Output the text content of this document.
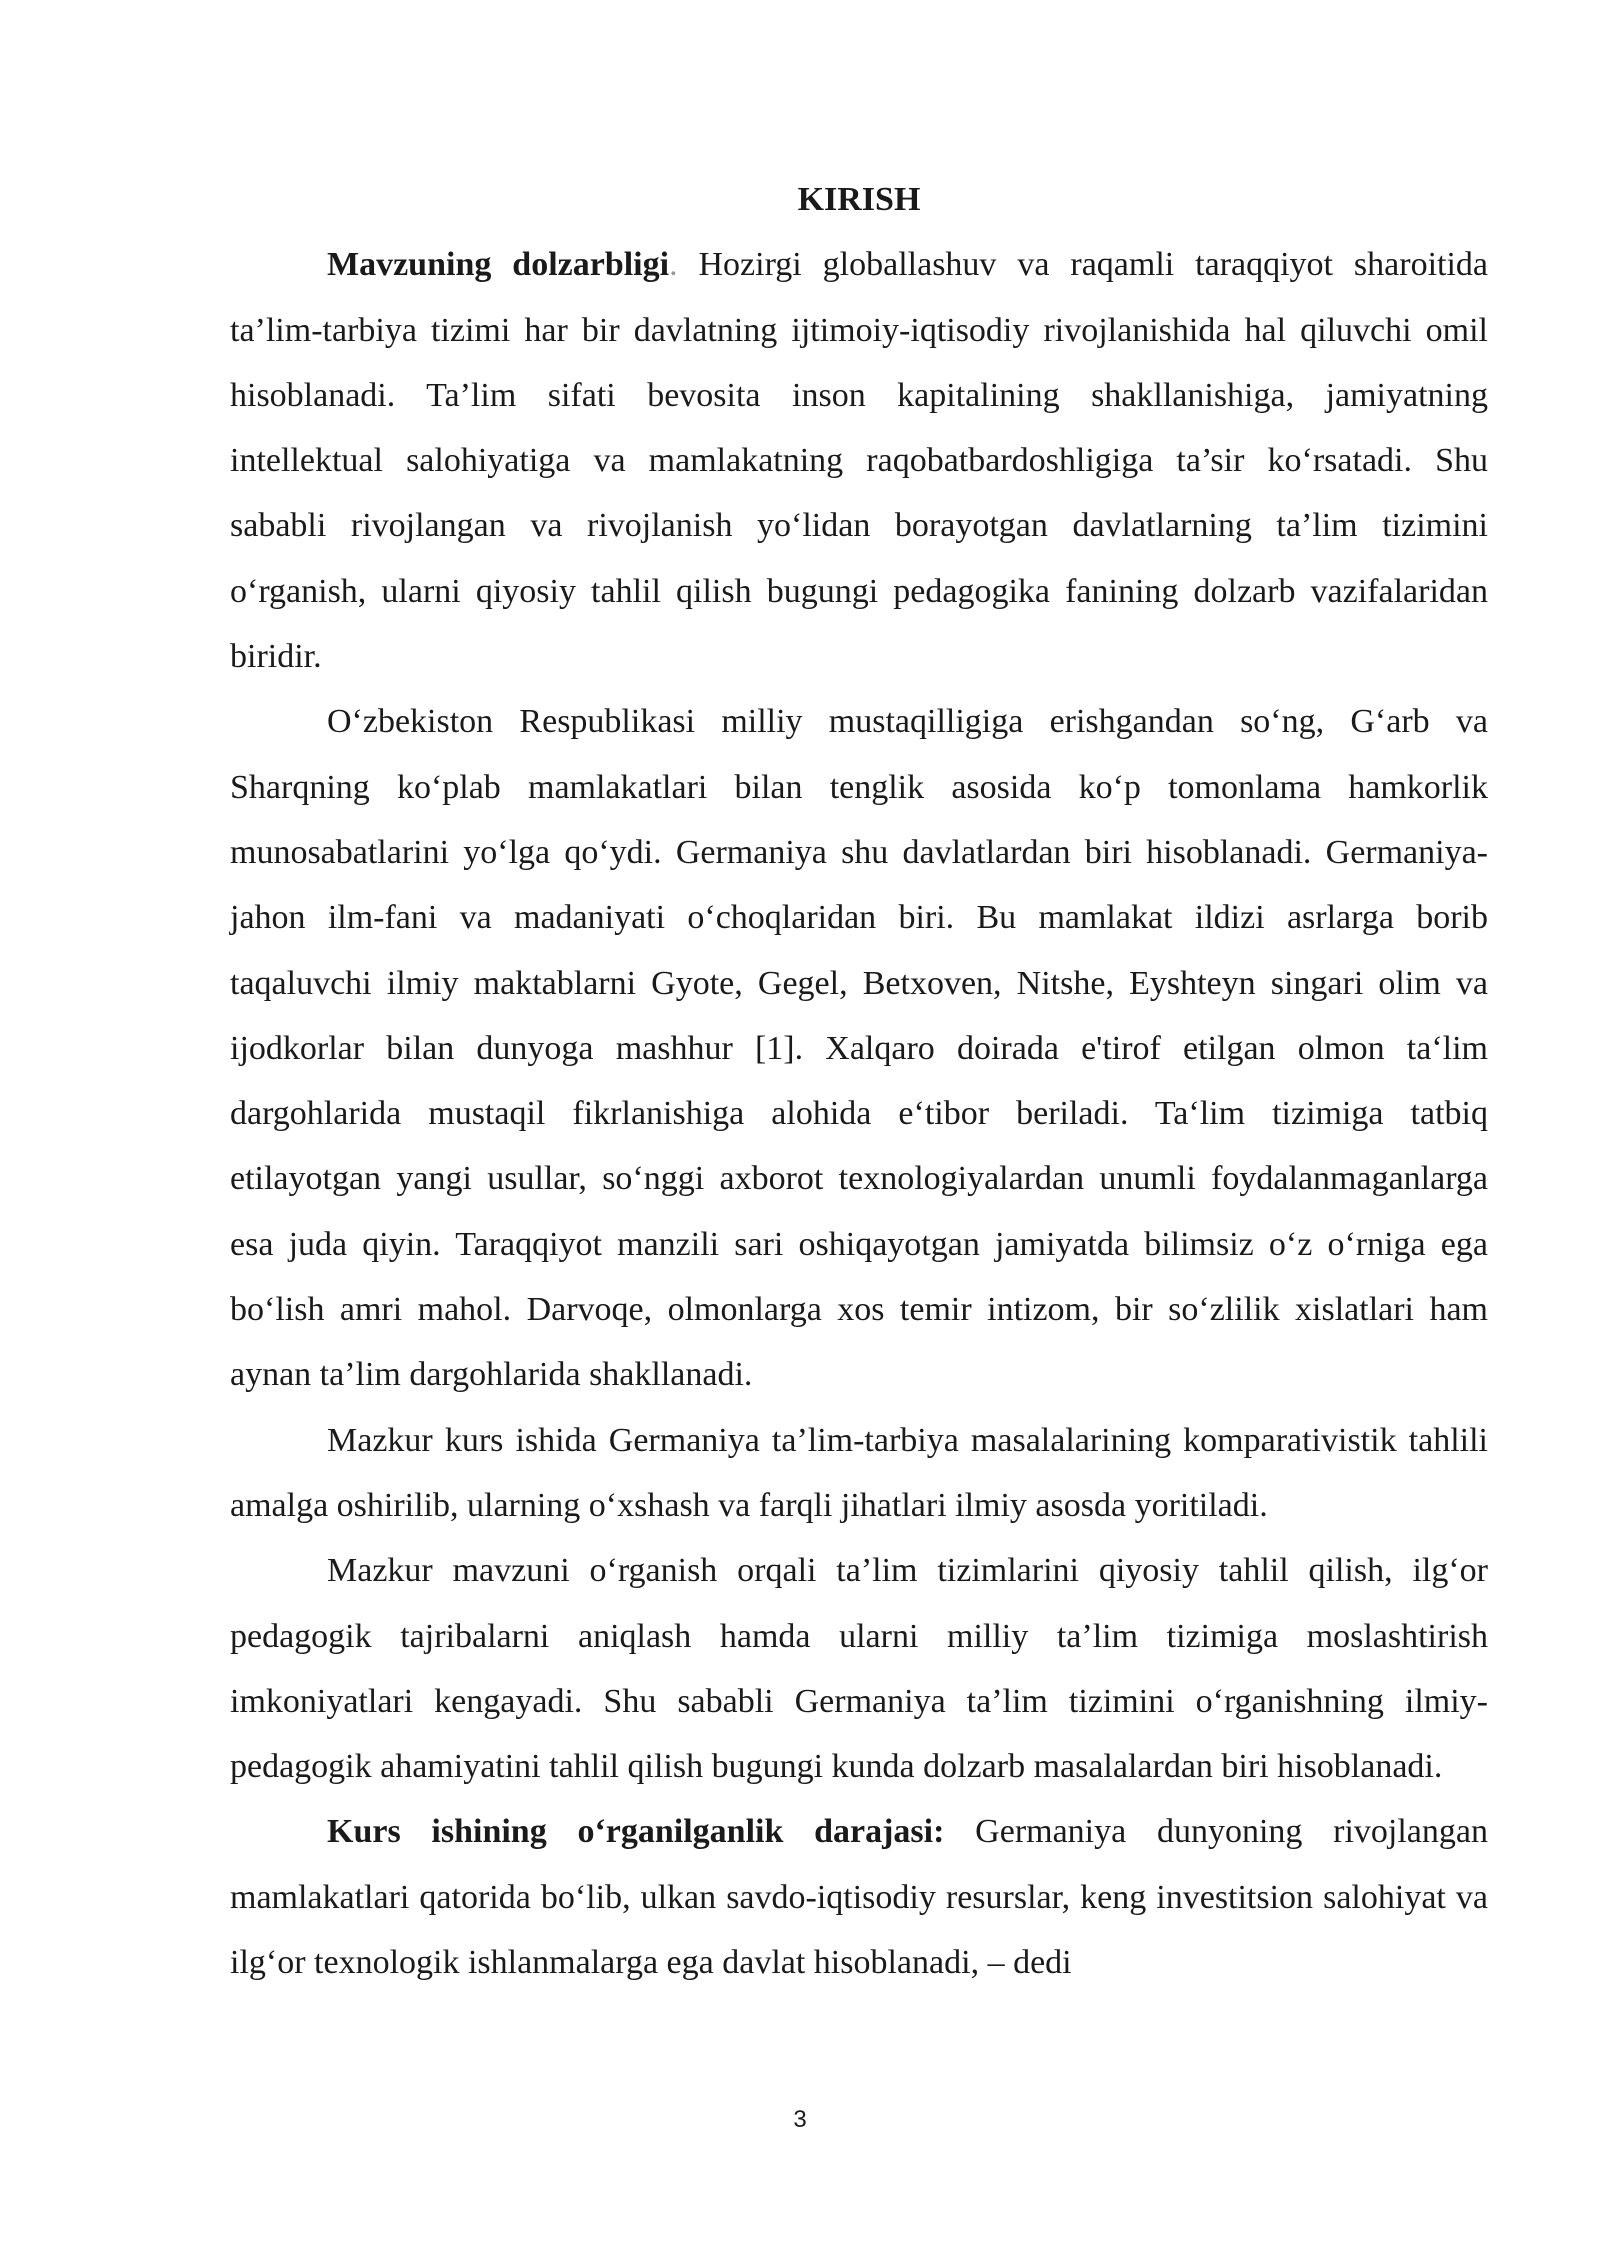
KIRISH

Mavzuning dolzarbligi. Hozirgi globallashuv va raqamli taraqqiyot sharoitida ta’lim-tarbiya tizimi har bir davlatning ijtimoiy-iqtisodiy rivojlanishida hal qiluvchi omil hisoblanadi. Ta’lim sifati bevosita inson kapitalining shakllanishiga, jamiyatning intellektual salohiyatiga va mamlakatning raqobatbardoshligiga ta’sir ko‘rsatadi. Shu sababli rivojlangan va rivojlanish yo‘lidan borayotgan davlatlarning ta’lim tizimini o‘rganish, ularni qiyosiy tahlil qilish bugungi pedagogika fanining dolzarb vazifalaridan biridir.

O‘zbekiston Respublikasi milliy mustaqilligiga erishgandan so‘ng, G‘arb va Sharqning ko‘plab mamlakatlari bilan tenglik asosida ko‘p tomonlama hamkorlik munosabatlarini yo‘lga qo‘ydi. Germaniya shu davlatlardan biri hisoblanadi. Germaniya-jahon ilm-fani va madaniyati o‘choqlaridan biri. Bu mamlakat ildizi asrlarga borib taqaluvchi ilmiy maktablarni Gyote, Gegel, Betxoven, Nitshe, Eyshteyn singari olim va ijodkorlar bilan dunyoga mashhur [1]. Xalqaro doirada e'tirof etilgan olmon ta‘lim dargohlarida mustaqil fikrlanishiga alohida e‘tibor beriladi. Ta‘lim tizimiga tatbiq etilayotgan yangi usullar, so‘nggi axborot texnologiyalardan unumli foydalanmaganlarga esa juda qiyin. Taraqqiyot manzili sari oshiqayotgan jamiyatda bilimsiz o‘z o‘rniga ega bo‘lish amri mahol. Darvoqe, olmonlarga xos temir intizom, bir so‘zlilik xislatlari ham aynan ta’lim dargohlarida shakllanadi.

Mazkur kurs ishida Germaniya ta’lim-tarbiya masalalarining komparativistik tahlili amalga oshirilib, ularning o‘xshash va farqli jihatlari ilmiy asosda yoritiladi.

Mazkur mavzuni o‘rganish orqali ta’lim tizimlarini qiyosiy tahlil qilish, ilg‘or pedagogik tajribalarni aniqlash hamda ularni milliy ta’lim tizimiga moslashtirish imkoniyatlari kengayadi. Shu sababli Germaniya ta’lim tizimini o‘rganishning ilmiy-pedagogik ahamiyatini tahlil qilish bugungi kunda dolzarb masalalardan biri hisoblanadi.

Kurs ishining o‘rganilganlik darajasi: Germaniya dunyoning rivojlangan mamlakatlari qatorida bo‘lib, ulkan savdo-iqtisodiy resurslar, keng investitsion salohiyat va ilg‘or texnologik ishlanmalarga ega davlat hisoblanadi, – dedi

3
